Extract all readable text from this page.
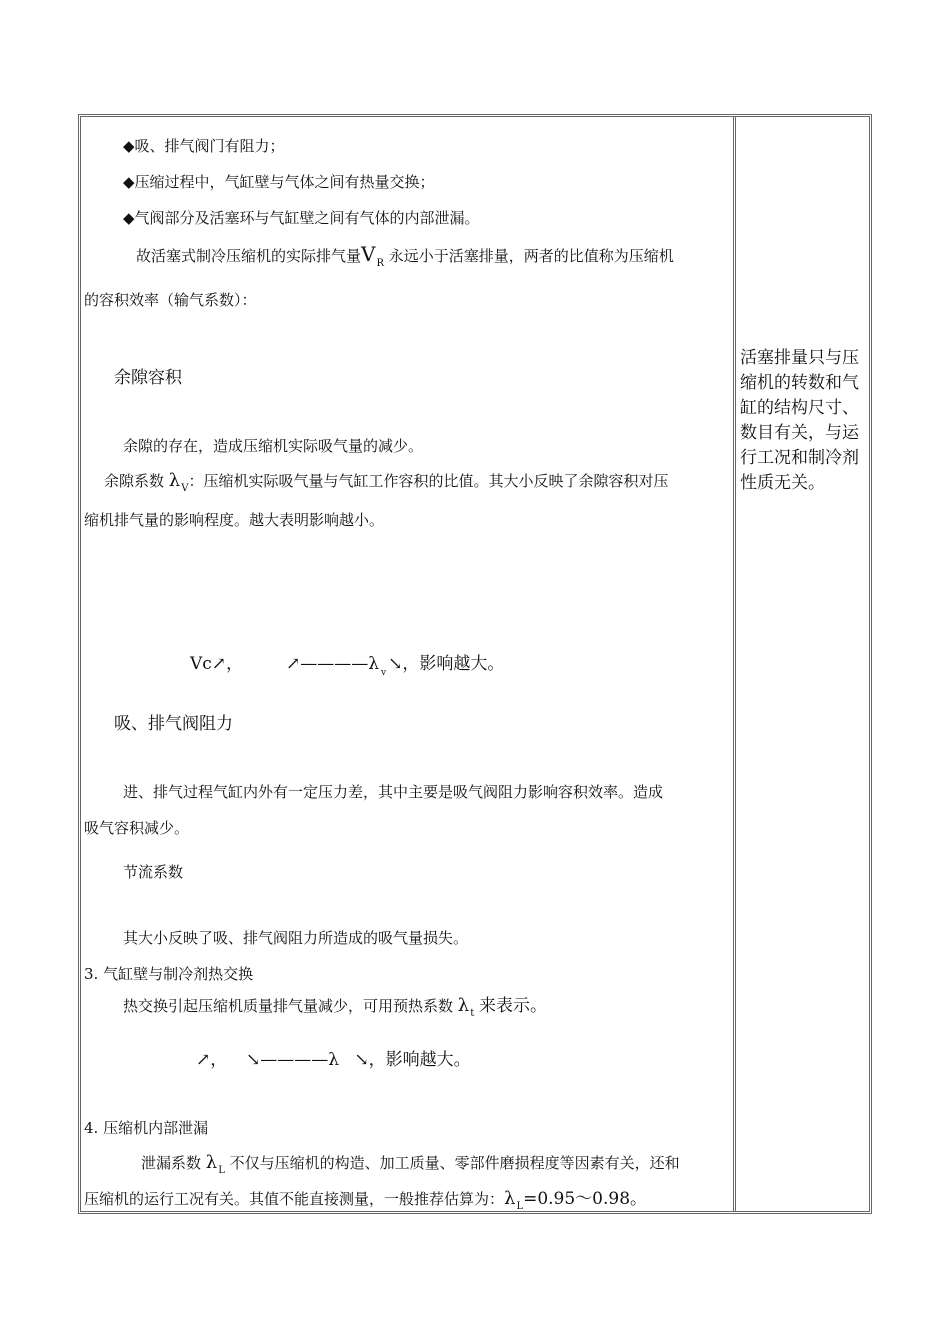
◆吸、排气阀门有阻力；
◆压缩过程中，气缸壁与气体之间有热量交换；
◆气阀部分及活塞环与气缸壁之间有气体的内部泄漏。
故活塞式制冷压缩机的实际排气量$V_R$ 永远小于活塞排量，两者的比值称为压缩机
的容积效率（输气系数）：
余隙容积
余隙的存在，造成压缩机实际吸气量的减少。
余隙系数 $\lambda_V$：压缩机实际吸气量与气缸工作容积的比值。其大小反映了余隙容积对压
缩机排气量的影响程度。越大表明影响越小。
Vc↗，	↗————λ $_v$ ↘，影响越大。
吸、排气阀阻力
进、排气过程气缸内外有一定压力差，其中主要是吸气阀阻力影响容积效率。造成
吸气容积减少。
节流系数
其大小反映了吸、排气阀阻力所造成的吸气量损失。
3. 气缸壁与制冷剂热交换
热交换引起压缩机质量排气量减少，可用预热系数 $\lambda_t$ 来表示。
↗， ↘————λ ↘，影响越大。
4. 压缩机内部泄漏
泄漏系数 $\lambda_L$ 不仅与压缩机的构造、加工质量、零部件磨损程度等因素有关，还和
压缩机的运行工况有关。其值不能直接测量，一般推荐估算为：$\lambda_L=0.95\sim 0.98$。
活塞排量只与压缩机的转数和气缸的结构尺寸、数目有关，与运行工况和制冷剂性质无关。
